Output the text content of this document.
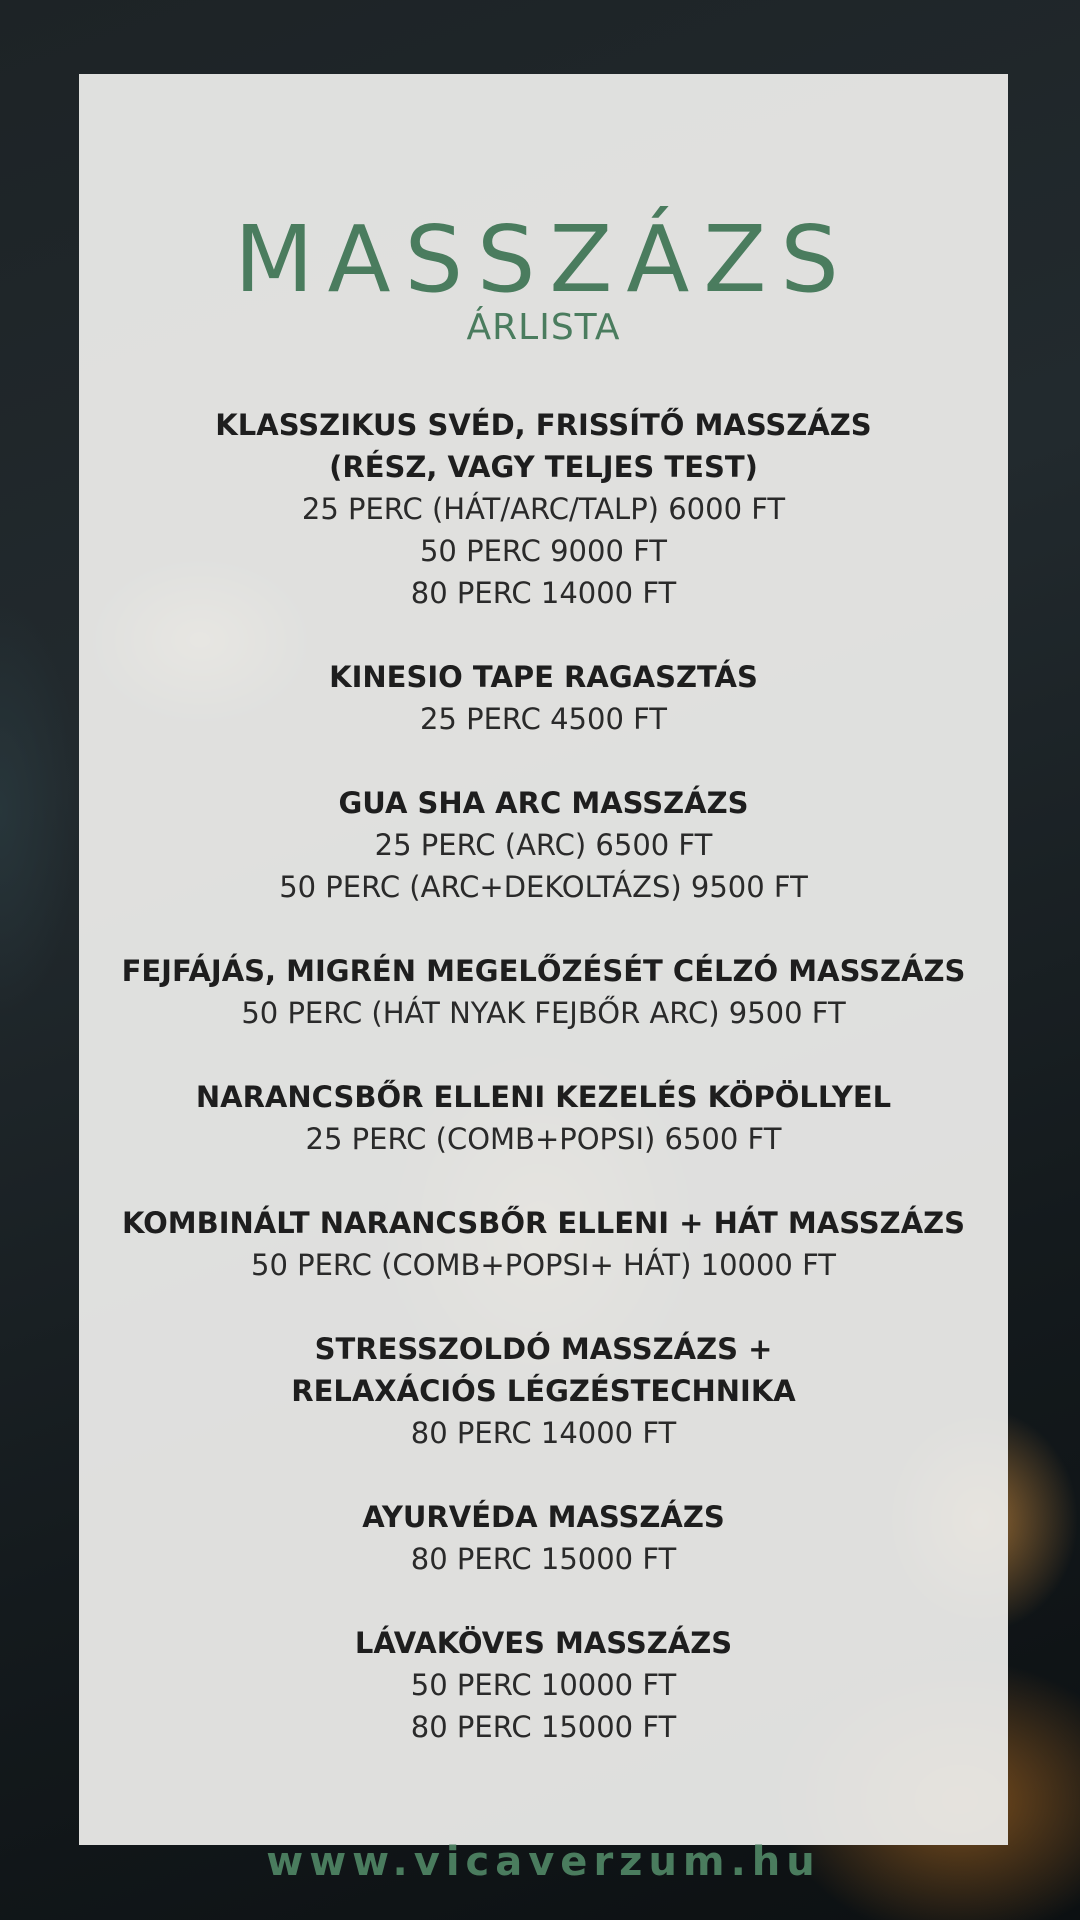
MASSZÁZS
ÁRLISTA
KLASSZIKUS SVÉD, FRISSÍTŐ MASSZÁZS
(RÉSZ, VAGY TELJES TEST)
25 PERC (HÁT/ARC/TALP) 6000 FT
50 PERC 9000 FT
80 PERC 14000 FT
KINESIO TAPE RAGASZTÁS
25 PERC 4500 FT
GUA SHA ARC MASSZÁZS
25 PERC (ARC) 6500 FT
50 PERC (ARC+DEKOLTÁZS) 9500 FT
FEJFÁJÁS, MIGRÉN MEGELŐZÉSÉT CÉLZÓ MASSZÁZS
50 PERC (HÁT NYAK FEJBŐR ARC) 9500 FT
NARANCSBŐR ELLENI KEZELÉS KÖPÖLLYEL
25 PERC (COMB+POPSI) 6500 FT
KOMBINÁLT NARANCSBŐR ELLENI + HÁT MASSZÁZS
50 PERC (COMB+POPSI+ HÁT) 10000 FT
STRESSZOLDÓ MASSZÁZS +
RELAXÁCIÓS LÉGZÉSTECHNIKA
80 PERC 14000 FT
AYURVÉDA MASSZÁZS
80 PERC 15000 FT
LÁVAKÖVES MASSZÁZS
50 PERC 10000 FT
80 PERC 15000 FT
www.vicaverzum.hu
